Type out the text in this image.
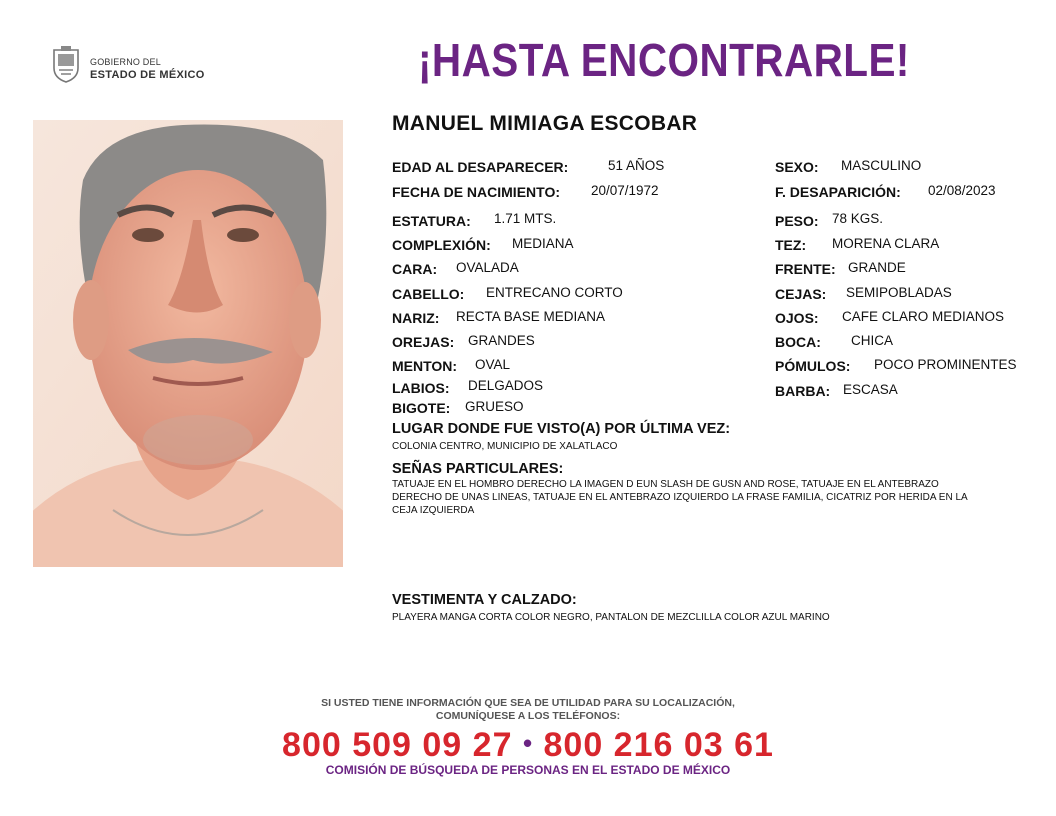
GOBIERNO DEL
ESTADO DE MÉXICO	¡HASTA ENCONTRARLE!
MANUEL MIMIAGA ESCOBAR
EDAD AL DESAPARECER:	51 AÑOS
FECHA DE NACIMIENTO: 20/07/1972
ESTATURA: 1.71 MTS.
COMPLEXIÓN: MEDIANA
CARA: OVALADA
CABELLO: ENTRECANO CORTO
NARIZ: RECTA BASE MEDIANA
OREJAS: GRANDES
MENTON: OVAL
LABIOS: DELGADOS
BIGOTE: GRUESO
SEXO: MASCULINO
F. DESAPARICIÓN: 02/08/2023
PESO: 78 KGS.
TEZ: MORENA CLARA
FRENTE: GRANDE
CEJAS: SEMIPOBLADAS
OJOS: CAFE CLARO MEDIANOS
BOCA: CHICA
PÓMULOS: POCO PROMINENTES
BARBA: ESCASA
LUGAR DONDE FUE VISTO(A) POR ÚLTIMA VEZ:
COLONIA CENTRO, MUNICIPIO DE XALATLACO
SEÑAS PARTICULARES:
TATUAJE EN EL HOMBRO DERECHO LA IMAGEN D EUN SLASH DE GUSN AND ROSE, TATUAJE EN EL ANTEBRAZO
DERECHO DE UNAS LINEAS, TATUAJE EN EL ANTEBRAZO IZQUIERDO LA FRASE FAMILIA, CICATRIZ POR HERIDA EN LA
CEJA IZQUIERDA
VESTIMENTA Y CALZADO:
PLAYERA MANGA CORTA COLOR NEGRO, PANTALON DE MEZCLILLA COLOR AZUL MARINO
SI USTED TIENE INFORMACIÓN QUE SEA DE UTILIDAD PARA SU LOCALIZACIÓN,
COMUNÍQUESE A LOS TELÉFONOS:
800 509 09 27 • 800 216 03 61
COMISIÓN DE BÚSQUEDA DE PERSONAS EN EL ESTADO DE MÉXICO
